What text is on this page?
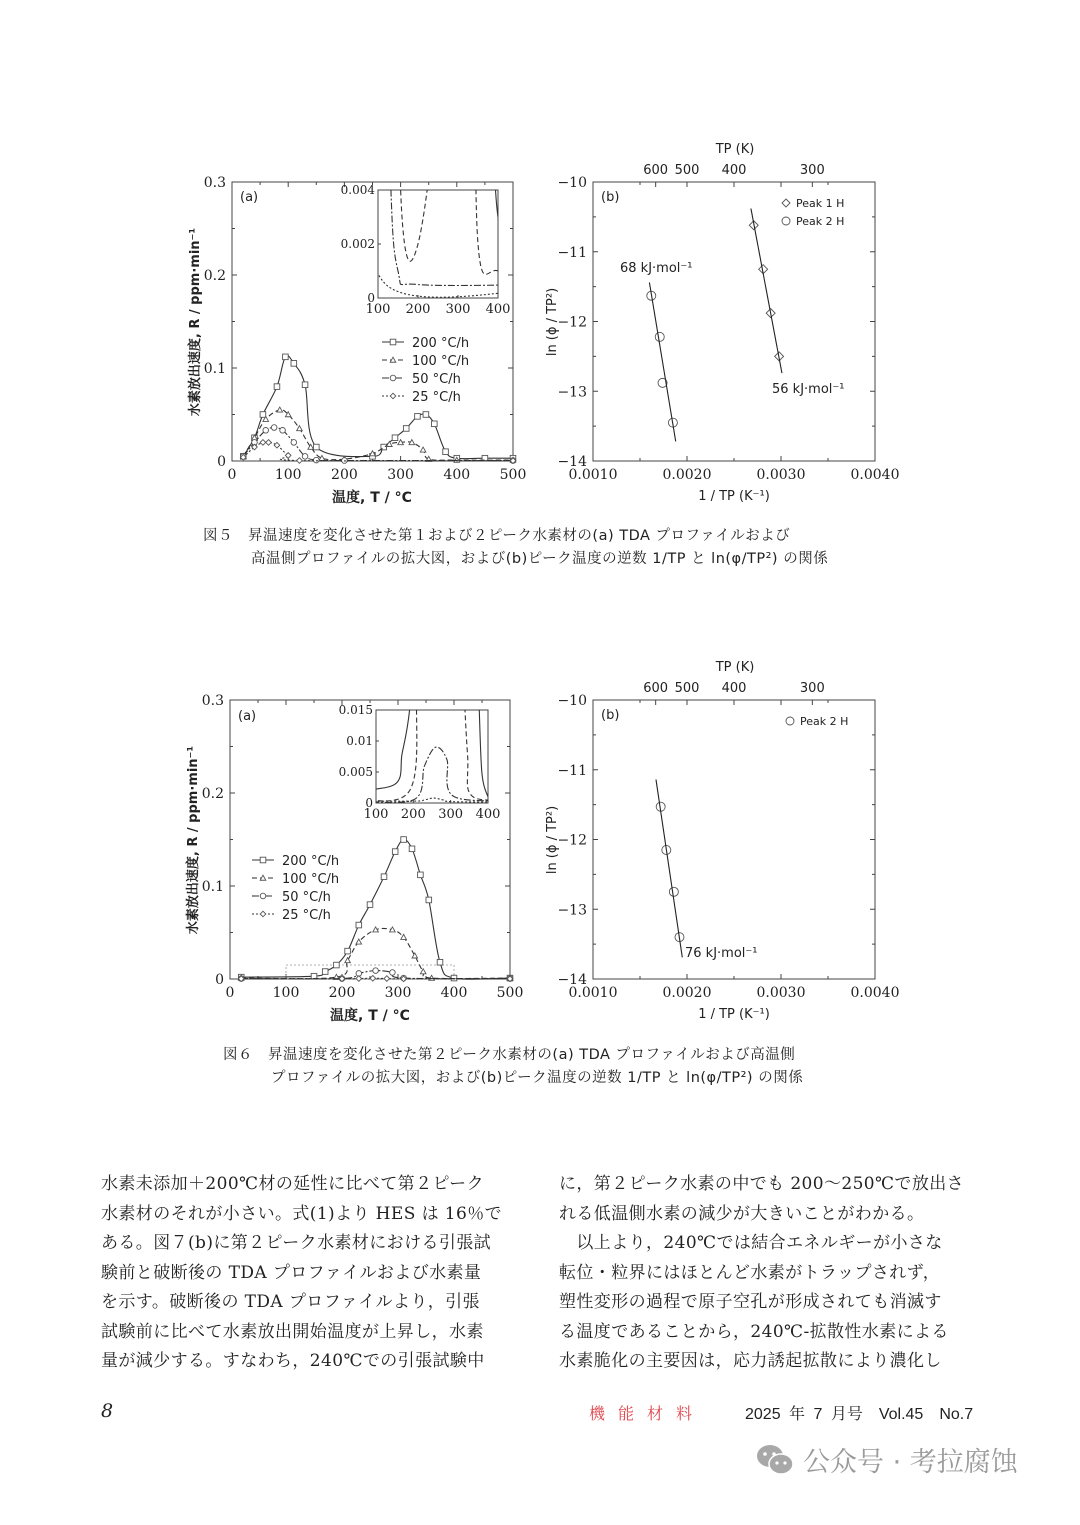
0
0.1
0.2
0.3
0	100 200 300 400 500
(a)
温度, T / °C
水素放出速度, R / ppm·min⁻¹	200 °C/h
100 °C/h
50 °C/h
25 °C/h
100 200 300 400
0
0.002
0.004	−10
−11
−12
−13
−14
0.0010	0.0020	0.0030	0.0040
600 500 400	300
TP (K)
(b)
1 / TP (K⁻¹)
ln (ϕ / TP²)
56 kJ·mol⁻¹
68 kJ·mol⁻¹
Peak 1 H
Peak 2 H
0
0.1
0.2
0.3
0	100 200 300 400 500
(a)
温度, T / °C
水素放出速度, R / ppm·min⁻¹	200 °C/h
100 °C/h
50 °C/h
25 °C/h
100 200 300 400
0
0.005
0.01
0.015
−10
−11
−12
−13
−14
0.0010	0.0020	0.0030	0.0040
600 500 400	300
TP (K)
(b)
1 / TP (K⁻¹)
ln (ϕ / TP²)
76 kJ·mol⁻¹
Peak 2 H
図５　昇温速度を変化させた第１および２ピーク水素材の(a) TDA プロファイルおよび
高温側プロファイルの拡大図，および(b)ピーク温度の逆数 1/TP と ln(φ/TP²) の関係
図６　昇温速度を変化させた第２ピーク水素材の(a) TDA プロファイルおよび高温側
プロファイルの拡大図，および(b)ピーク温度の逆数 1/TP と ln(φ/TP²) の関係

水素未添加＋200℃材の延性に比べて第２ピーク

水素材のそれが小さい。式(1)より HES は 16％で

ある。図７(b)に第２ピーク水素材における引張試

験前と破断後の TDA プロファイルおよび水素量

を示す。破断後の TDA プロファイルより，引張

試験前に比べて水素放出開始温度が上昇し，水素

量が減少する。すなわち，240℃での引張試験中

に，第２ピーク水素の中でも 200〜250℃で放出さ

れる低温側水素の減少が大きいことがわかる。

　以上より，240℃では結合エネルギーが小さな

転位・粒界にはほとんど水素がトラップされず，

塑性変形の過程で原子空孔が形成されても消滅す

る温度であることから，240℃‑拡散性水素による

水素脆化の主要因は，応力誘起拡散により濃化し

8	機能材料 2025 年 7 月号　Vol.45　No.7
公众号 · 考拉腐蚀
